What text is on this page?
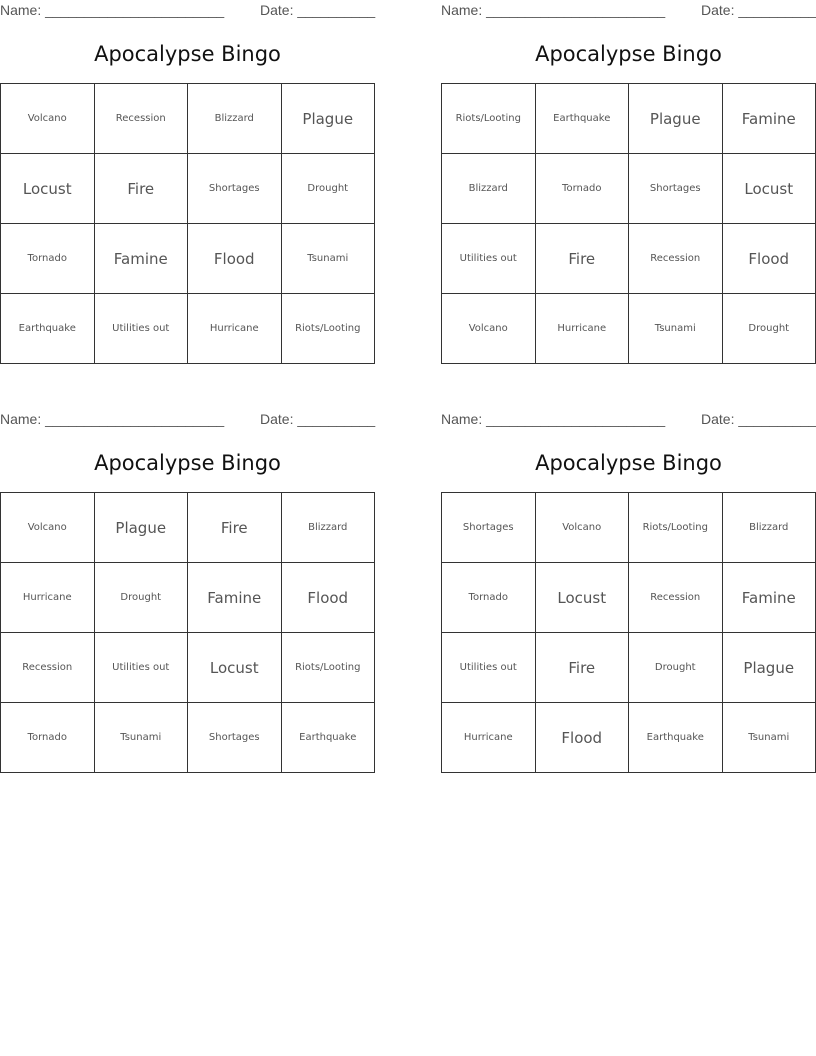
Name: _______________________	Date: __________
Apocalypse Bingo
Volcano	Recession	Blizzard	Plague
Locust	Fire	Shortages	Drought
Tornado	Famine	Flood	Tsunami
Earthquake	Utilities out	Hurricane	Riots/Looting
Name: _______________________	Date: __________
Apocalypse Bingo
Riots/Looting	Earthquake	Plague	Famine
Blizzard	Tornado	Shortages	Locust
Utilities out	Fire	Recession	Flood
Volcano	Hurricane	Tsunami	Drought
Name: _______________________	Date: __________
Apocalypse Bingo
Volcano	Plague	Fire	Blizzard
Hurricane	Drought	Famine	Flood
Recession	Utilities out	Locust	Riots/Looting
Tornado	Tsunami	Shortages	Earthquake
Name: _______________________	Date: __________
Apocalypse Bingo
Shortages	Volcano	Riots/Looting	Blizzard
Tornado	Locust	Recession	Famine
Utilities out	Fire	Drought	Plague
Hurricane	Flood	Earthquake	Tsunami
